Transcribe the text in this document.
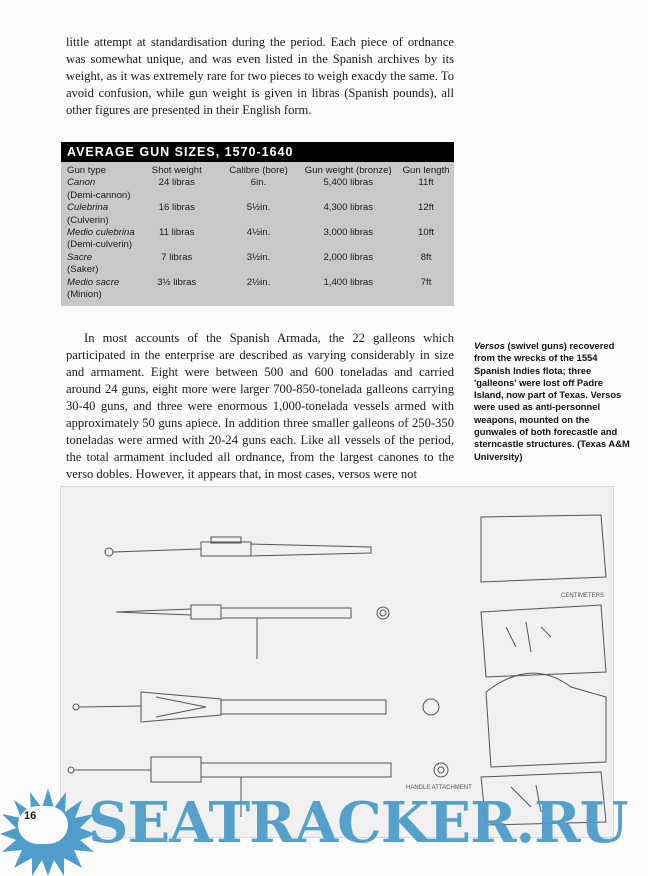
little attempt at standardisation during the period. Each piece of ordnance was somewhat unique, and was even listed in the Spanish archives by its weight, as it was extremely rare for two pieces to weigh exacdy the same. To avoid confusion, while gun weight is given in libras (Spanish pounds), all other figures are presented in their English form.

AVERAGE GUN SIZES, 1570-1640
Gun type	Shot weight	Calibre (bore)	Gun weight (bronze)	Gun length
Canon	24 libras	6in.	5,400 libras	11ft
(Demi-cannon)				
Culebrina	16 libras	5½in.	4,300 libras	12ft
(Culverin)				
Medio culebrina	11 libras	4½in.	3,000 libras	10ft
(Demi-culverin)				
Sacre	7 libras	3½in.	2,000 libras	8ft
(Saker)				
Medio sacre	3½ libras	2½in.	1,400 libras	7ft
(Minion)				

In most accounts of the Spanish Armada, the 22 galleons which participated in the enterprise are described as varying considerably in size and armament. Eight were between 500 and 600 toneladas and carried around 24 guns, eight more were larger 700-850-tonelada galleons carrying 30-40 guns, and three were enormous 1,000-tonelada vessels armed with approximately 50 guns apiece. In addition three smaller galleons of 250-350 toneladas were armed with 20-24 guns each. Like all vessels of the period, the total armament included all ordnance, from the largest canones to the verso dobles. However, it appears that, in most cases, versos were not

Versos (swivel guns) recovered from the wrecks of the 1554 Spanish Indies flota; three 'galleons' were lost off Padre Island, now part of Texas. Versos were used as anti-personnel weapons, mounted on the gunwales of both forecastle and sterncastle structures. (Texas A&M University)
CENTIMETERS
HANDLE ATTACHMENT
16 SEATRACKER.RU
